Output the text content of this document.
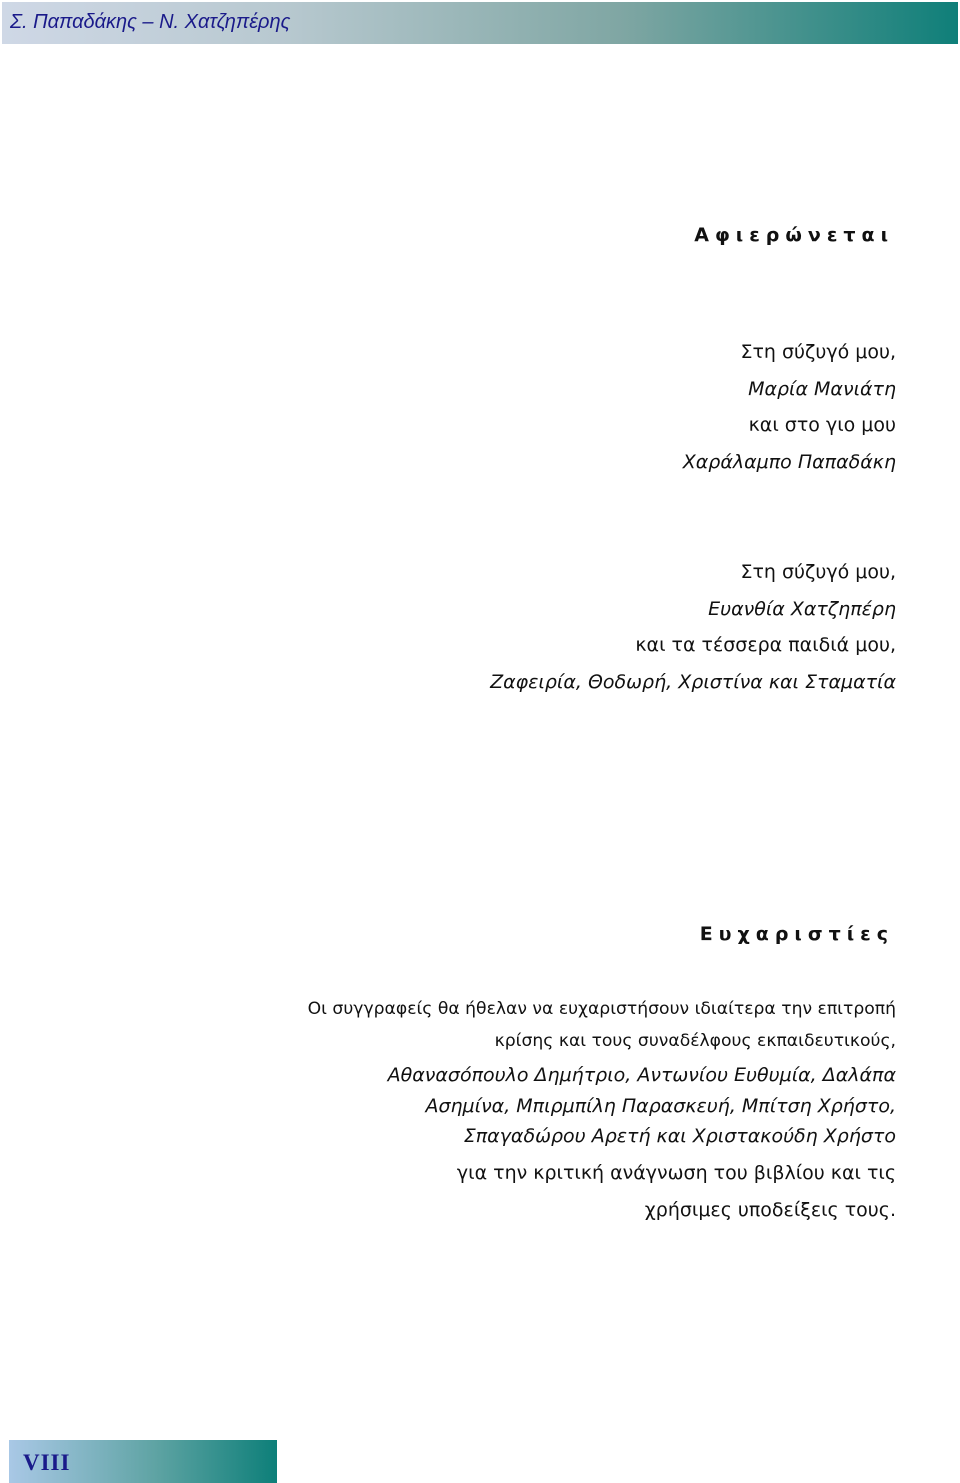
Σ. Παπαδάκης – Ν. Χατζηπέρης
Αφιερώνεται
Στη σύζυγό μου,
Μαρία Μανιάτη
και στο γιο μου
Χαράλαμπο Παπαδάκη
Στη σύζυγό μου,
Ευανθία Χατζηπέρη
και τα τέσσερα παιδιά μου,
Ζαφειρία, Θοδωρή, Χριστίνα και Σταματία
Ευχαριστίες
Οι συγγραφείς θα ήθελαν να ευχαριστήσουν ιδιαίτερα την επιτροπή
κρίσης και τους συναδέλφους εκπαιδευτικούς,
Αθανασόπουλο Δημήτριο, Αντωνίου Ευθυμία, Δαλάπα
Ασημίνα, Μπιρμπίλη Παρασκευή, Μπίτση Χρήστο,
Σπαγαδώρου Αρετή και Χριστακούδη Χρήστο
για την κριτική ανάγνωση του βιβλίου και τις
χρήσιμες υποδείξεις τους.
VIII
